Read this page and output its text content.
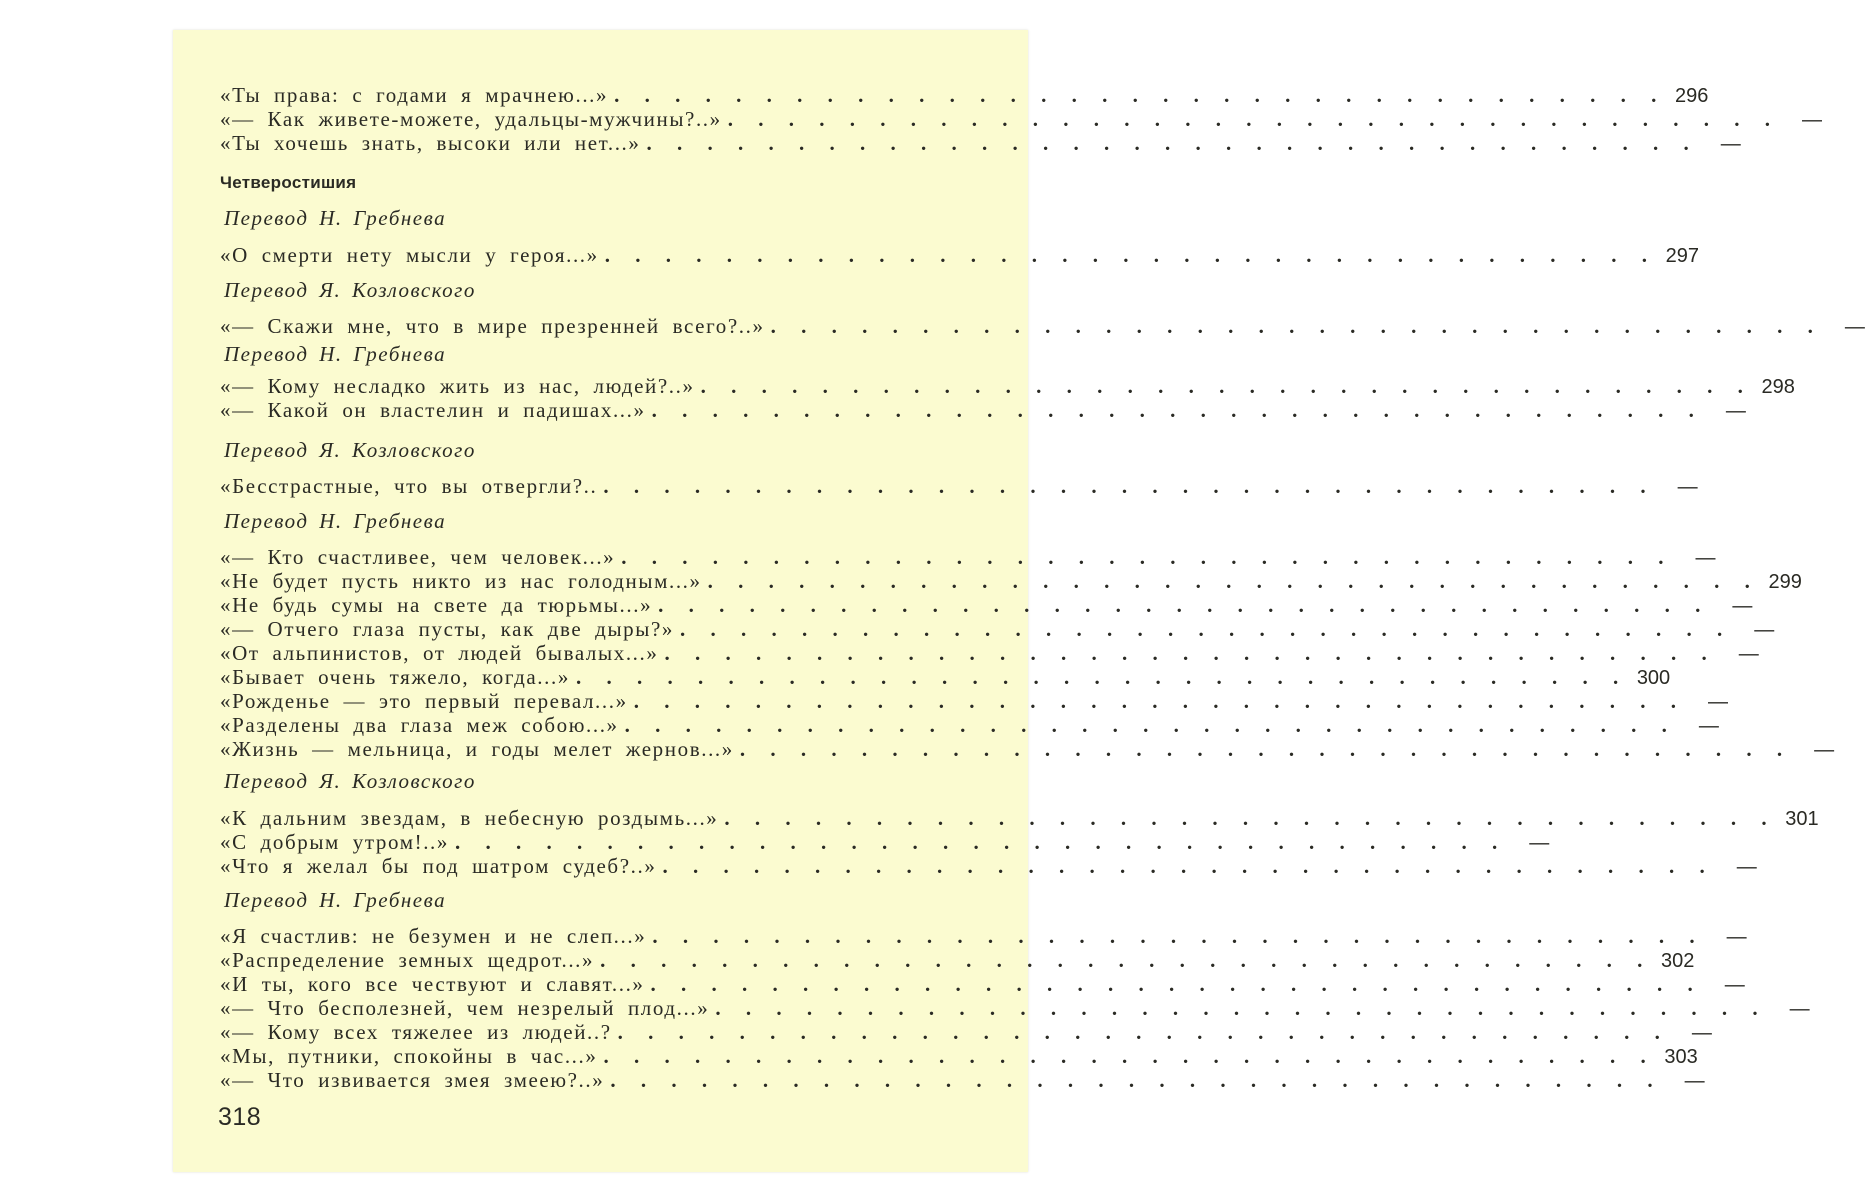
«Ты права: с годами я мрачнею...» . . . . . . . . . . . . . . . . . . . . . . . . . . . . . . . . . . . 296
«— Как живете-можете, удальцы-мужчины?..» . . . . . . . . . . . . . . . . . . . . . . . . . . . . . . . . . . .	—
«Ты хочешь знать, высоки или нет...» . . . . . . . . . . . . . . . . . . . . . . . . . . . . . . . . . . .	—
Четверостишия
Перевод Н. Гребнева
«О смерти нету мысли у героя...» . . . . . . . . . . . . . . . . . . . . . . . . . . . . . . . . . . . 297
Перевод Я. Козловского
«— Скажи мне, что в мире презренней всего?..» . . . . . . . . . . . . . . . . . . . . . . . . . . . . . . . . . . .	—
Перевод Н. Гребнева
«— Кому несладко жить из нас, людей?..» . . . . . . . . . . . . . . . . . . . . . . . . . . . . . . . . . . . 298
«— Какой он властелин и падишах...» . . . . . . . . . . . . . . . . . . . . . . . . . . . . . . . . . . .	—
Перевод Я. Козловского
«Бесстрастные, что вы отвергли?.. . . . . . . . . . . . . . . . . . . . . . . . . . . . . . . . . . . .	—
Перевод Н. Гребнева
«— Кто счастливее, чем человек...» . . . . . . . . . . . . . . . . . . . . . . . . . . . . . . . . . . .	—
«Не будет пусть никто из нас голодным...» . . . . . . . . . . . . . . . . . . . . . . . . . . . . . . . . . . . 299
«Не будь сумы на свете да тюрьмы...» . . . . . . . . . . . . . . . . . . . . . . . . . . . . . . . . . . .	—
«— Отчего глаза пусты, как две дыры?» . . . . . . . . . . . . . . . . . . . . . . . . . . . . . . . . . . .	—
«От альпинистов, от людей бывалых...» . . . . . . . . . . . . . . . . . . . . . . . . . . . . . . . . . . .	—
«Бывает очень тяжело, когда...» . . . . . . . . . . . . . . . . . . . . . . . . . . . . . . . . . . . 300
«Рожденье — это первый перевал...» . . . . . . . . . . . . . . . . . . . . . . . . . . . . . . . . . . .	—
«Разделены два глаза меж собою...» . . . . . . . . . . . . . . . . . . . . . . . . . . . . . . . . . . .	—
«Жизнь — мельница, и годы мелет жернов...» . . . . . . . . . . . . . . . . . . . . . . . . . . . . . . . . . . .	—
Перевод Я. Козловского
«К дальним звездам, в небесную роздымь...» . . . . . . . . . . . . . . . . . . . . . . . . . . . . . . . . . . . 301
«С добрым утром!..» . . . . . . . . . . . . . . . . . . . . . . . . . . . . . . . . . . .	—
«Что я желал бы под шатром судеб?..» . . . . . . . . . . . . . . . . . . . . . . . . . . . . . . . . . . .	—
Перевод Н. Гребнева
«Я счастлив: не безумен и не слеп...» . . . . . . . . . . . . . . . . . . . . . . . . . . . . . . . . . . .	—
«Распределение земных щедрот...» . . . . . . . . . . . . . . . . . . . . . . . . . . . . . . . . . . . 302
«И ты, кого все чествуют и славят...» . . . . . . . . . . . . . . . . . . . . . . . . . . . . . . . . . . .	—
«— Что бесполезней, чем незрелый плод...» . . . . . . . . . . . . . . . . . . . . . . . . . . . . . . . . . . .	—
«— Кому всех тяжелее из людей..? . . . . . . . . . . . . . . . . . . . . . . . . . . . . . . . . . . .	—
«Мы, путники, спокойны в час...» . . . . . . . . . . . . . . . . . . . . . . . . . . . . . . . . . . . 303
«— Что извивается змея змеею?..» . . . . . . . . . . . . . . . . . . . . . . . . . . . . . . . . . . .	—
318
